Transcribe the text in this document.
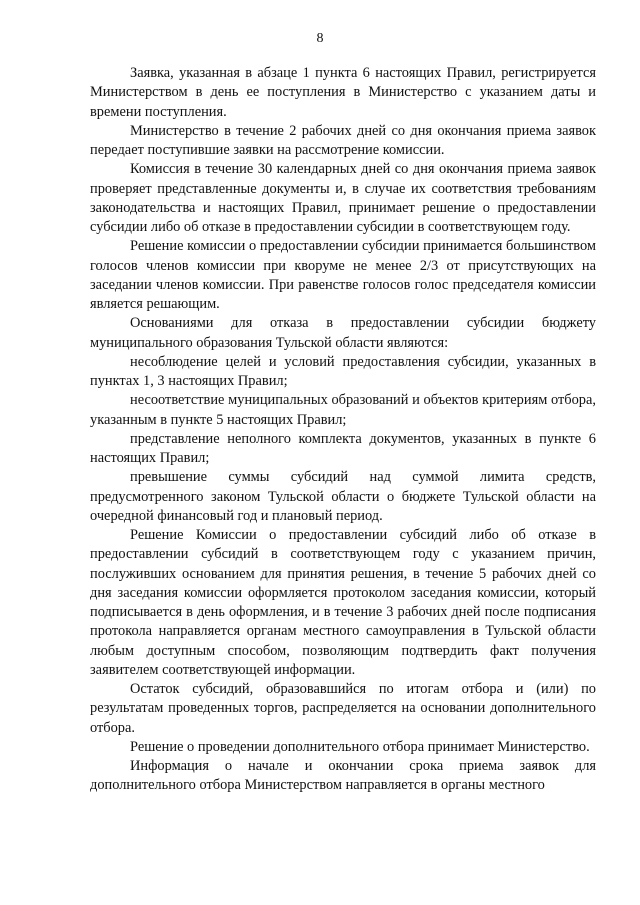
8

Заявка, указанная в абзаце 1 пункта 6 настоящих Правил, регистрируется Министерством в день ее поступления в Министерство с указанием даты и времени поступления.

Министерство в течение 2 рабочих дней со дня окончания приема заявок передает поступившие заявки на рассмотрение комиссии.

Комиссия в течение 30 календарных дней со дня окончания приема заявок проверяет представленные документы и, в случае их соответствия требованиям законодательства и настоящих Правил, принимает решение о предоставлении субсидии либо об отказе в предоставлении субсидии в соответствующем году.

Решение комиссии о предоставлении субсидии принимается большинством голосов членов комиссии при кворуме не менее 2/3 от присутствующих на заседании членов комиссии. При равенстве голосов голос председателя комиссии является решающим.

Основаниями для отказа в предоставлении субсидии бюджету муниципального образования Тульской области являются:

несоблюдение целей и условий предоставления субсидии, указанных в пунктах 1, 3 настоящих Правил;

несоответствие муниципальных образований и объектов критериям отбора, указанным в пункте 5 настоящих Правил;

представление неполного комплекта документов, указанных в пункте 6 настоящих Правил;

превышение суммы субсидий над суммой лимита средств, предусмотренного законом Тульской области о бюджете Тульской области на очередной финансовый год и плановый период.

Решение Комиссии о предоставлении субсидий либо об отказе в предоставлении субсидий в соответствующем году с указанием причин, послуживших основанием для принятия решения, в течение 5 рабочих дней со дня заседания комиссии оформляется протоколом заседания комиссии, который подписывается в день оформления, и в течение 3 рабочих дней после подписания протокола направляется органам местного самоуправления в Тульской области любым доступным способом, позволяющим подтвердить факт получения заявителем соответствующей информации.

Остаток субсидий, образовавшийся по итогам отбора и (или) по результатам проведенных торгов, распределяется на основании дополнительного отбора.

Решение о проведении дополнительного отбора принимает Министерство.

Информация о начале и окончании срока приема заявок для дополнительного отбора Министерством направляется в органы местного
